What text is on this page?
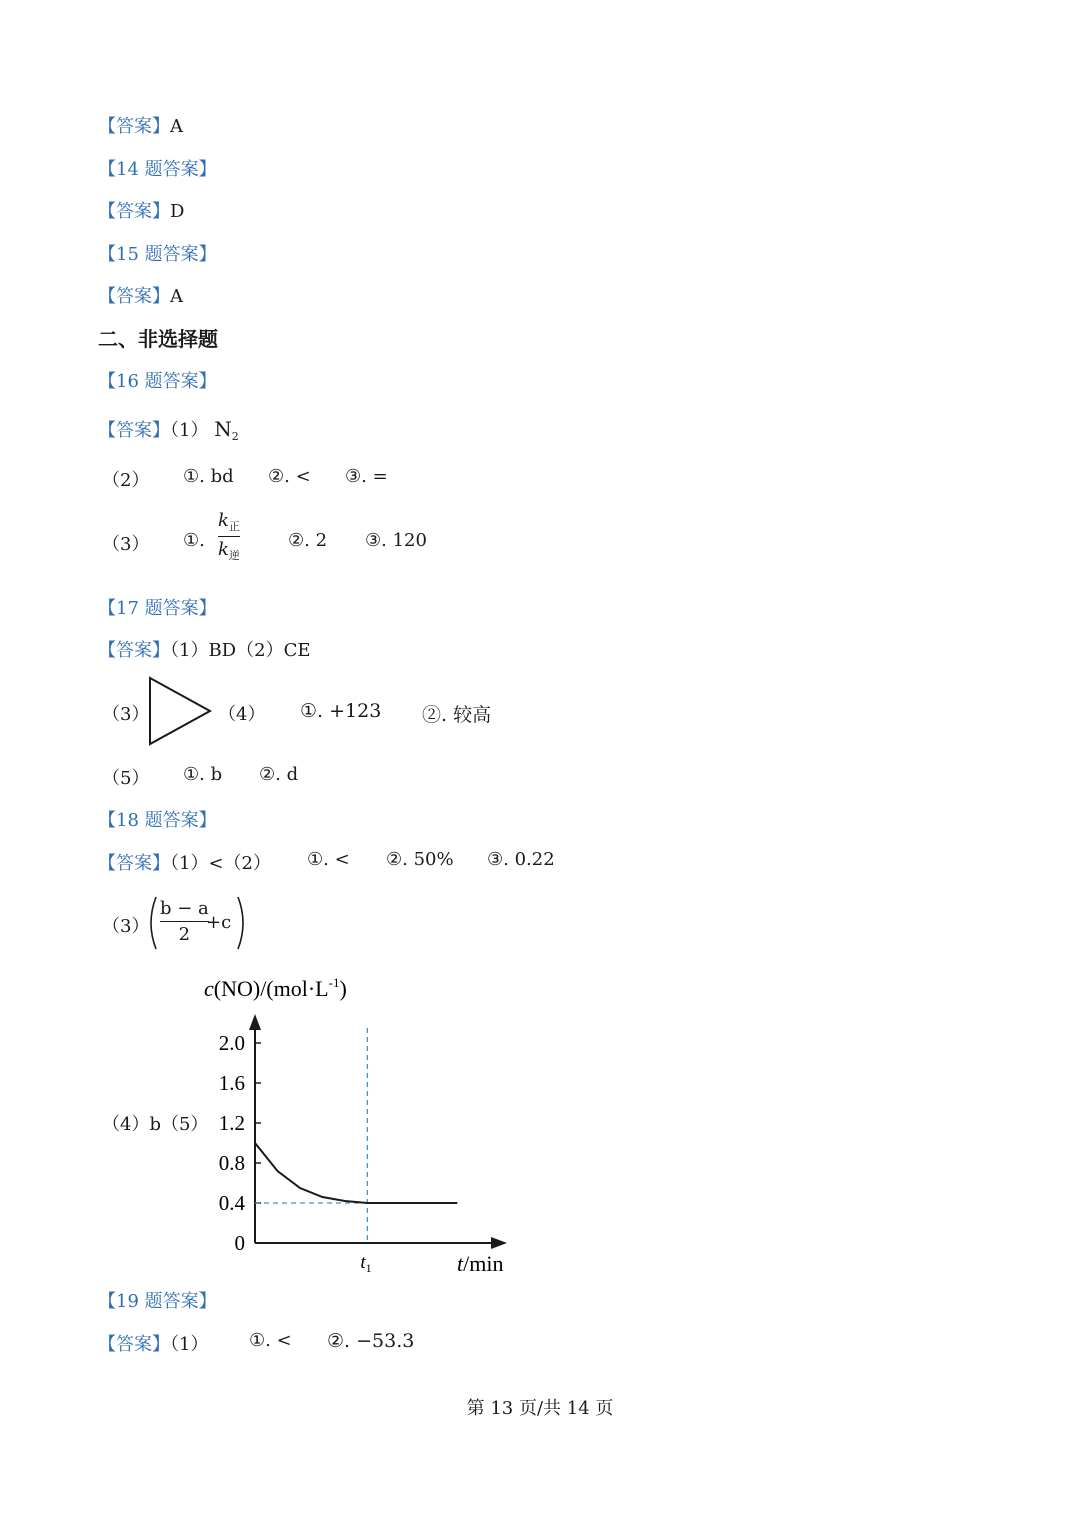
【答案】A
【14 题答案】
【答案】D
【15 题答案】
【答案】A
二、非选择题
【16 题答案】
【答案】（1） $N_2$
（2） ①. bd ②. < ③. =
（3） ①.
$k_正$
$k_逆$
②. 2 ③. 120
【17 题答案】
【答案】（1）BD（2）CE
（3）	（4） ①. +123 ②. 较高
（5） ①. b ②. d
【18 题答案】
【答案】（1）<（2） ①. < ②. 50% ③. 0.22
（3）
b − a
2
+c
（4）b（5）
$c(NO)/(mol\cdot L^{-1})$
2.0
1.6
1.2
0.8
0.4
0
$t_1$	t/min
【19 题答案】
【答案】（1） ①. < ②. −53.3
第 13 页/共 14 页
